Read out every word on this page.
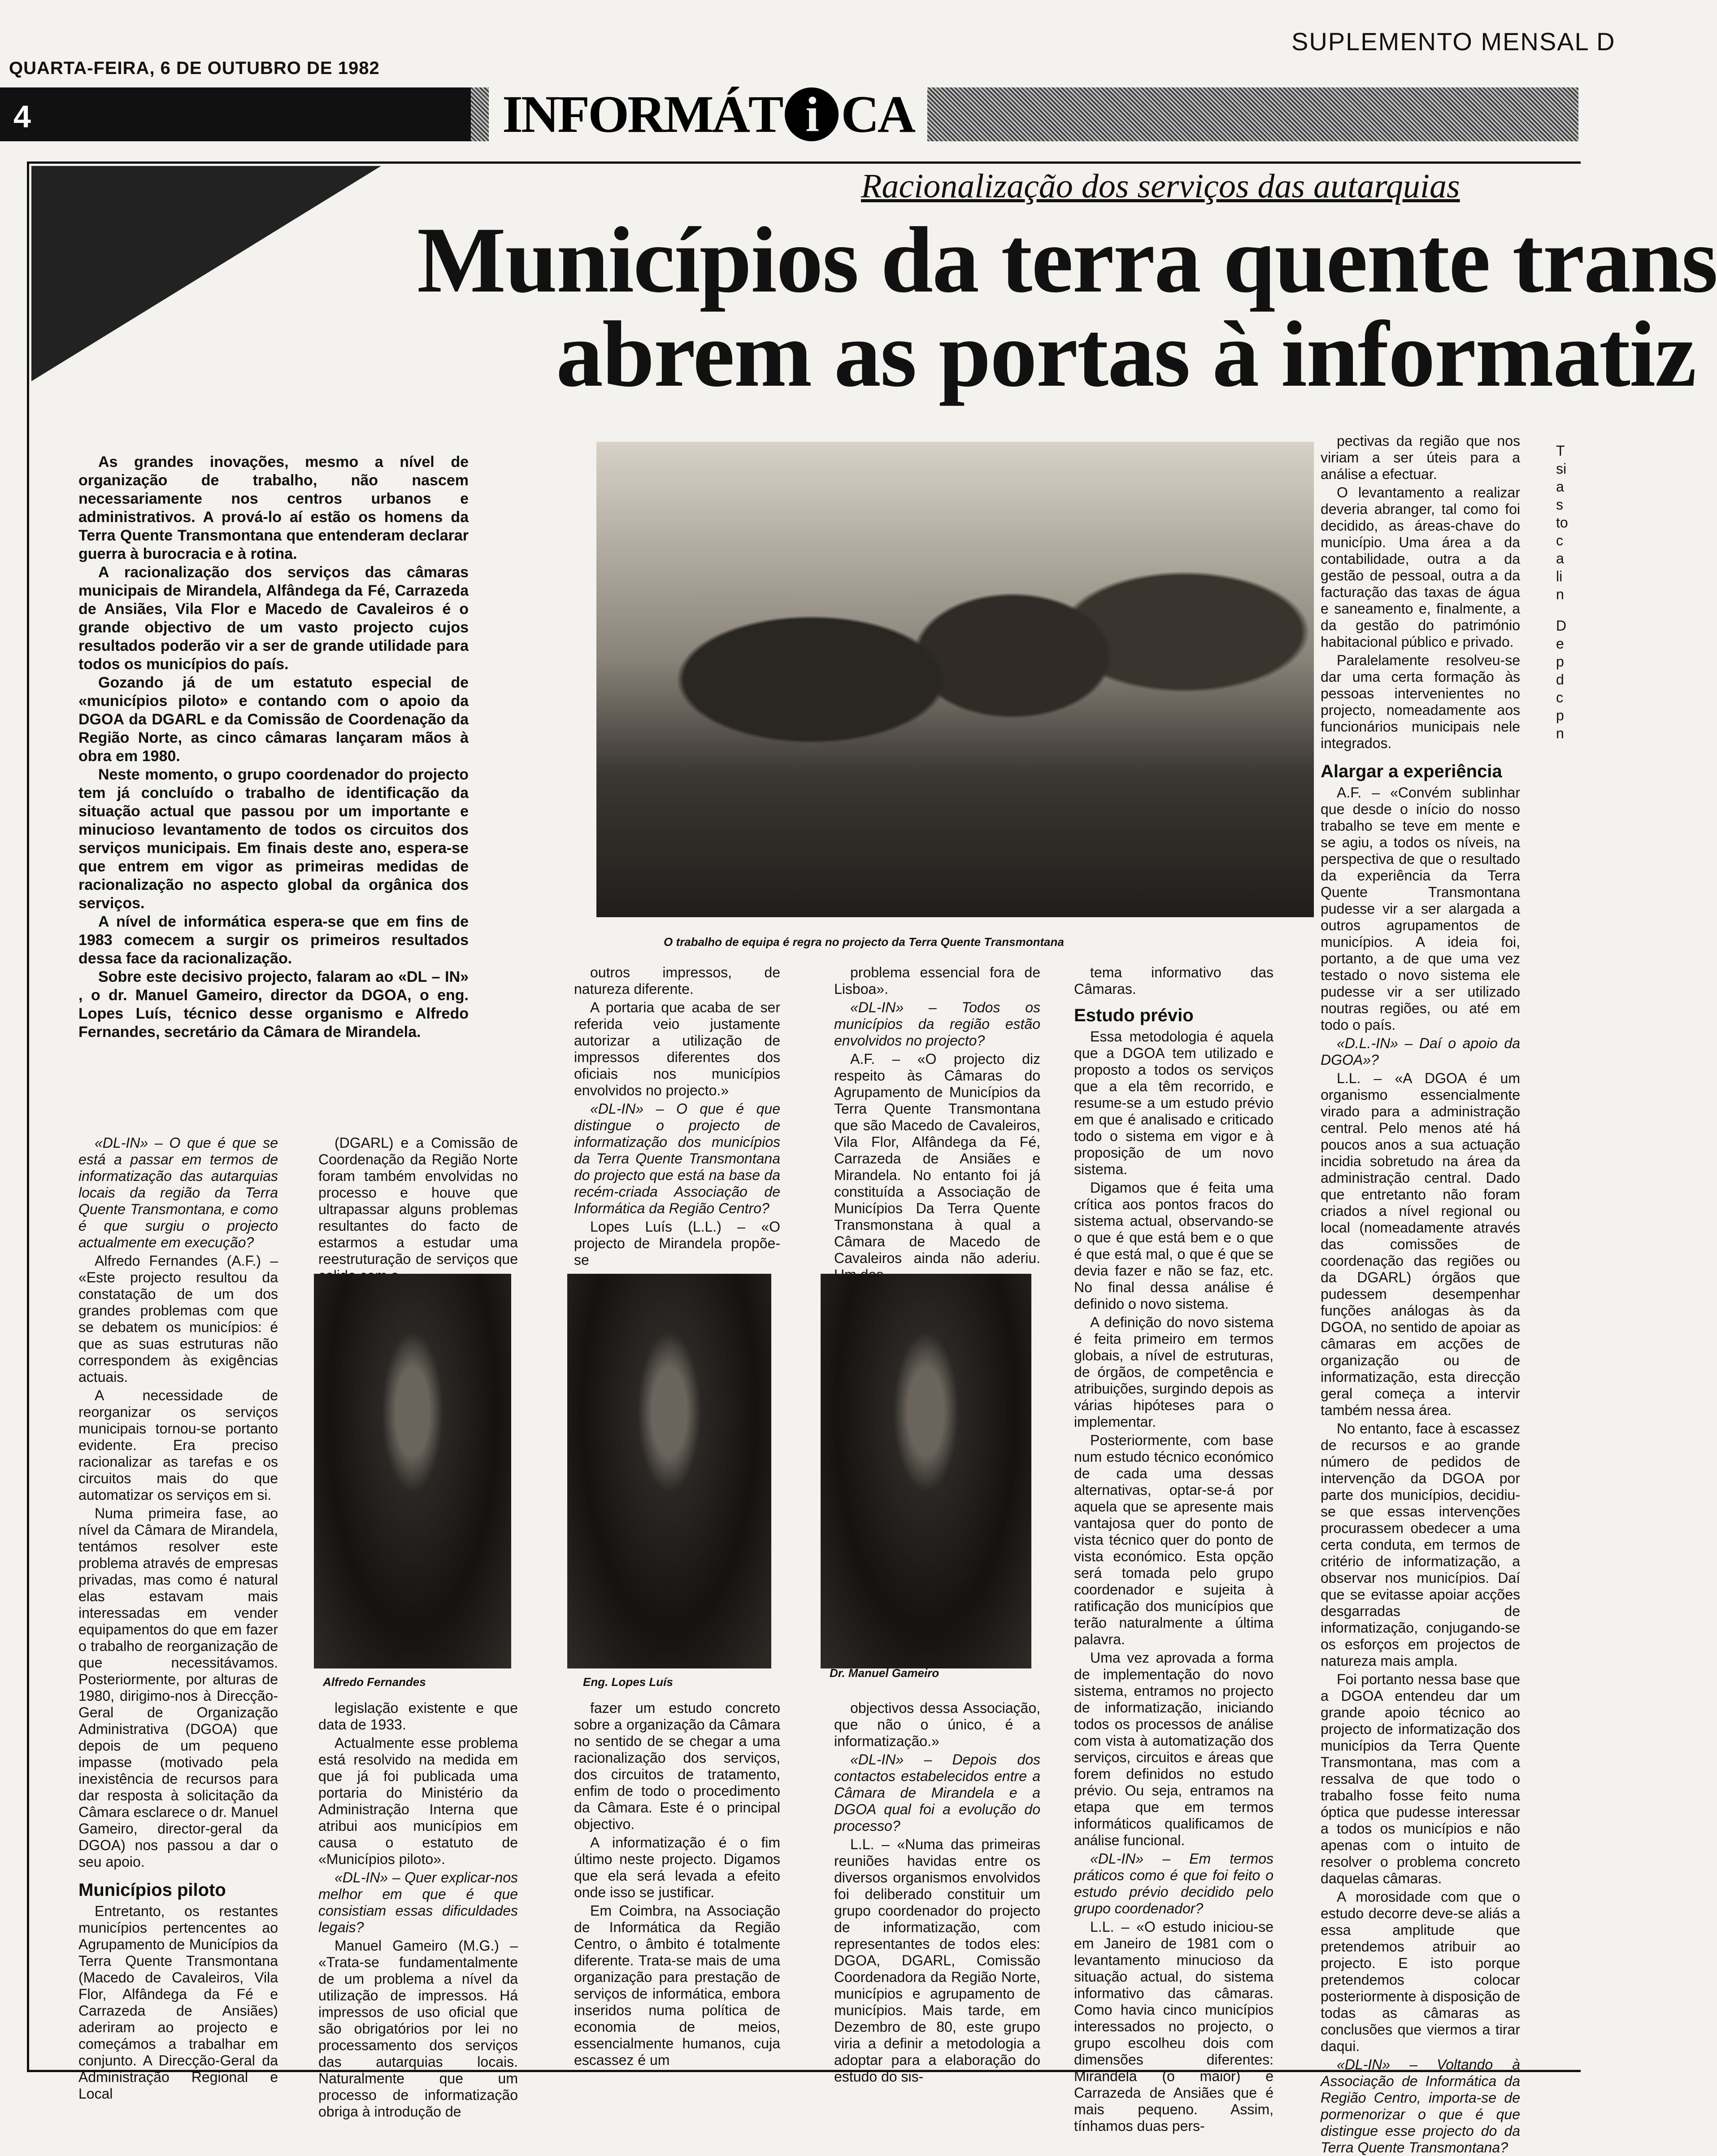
SUPLEMENTO MENSAL D
QUARTA-FEIRA, 6 DE OUTUBRO DE 1982
4	INFORMÁT i CA
Racionalização dos serviços das autarquias
Municípios da terra quente trans
abrem as portas à informatiz

As grandes inovações, mesmo a nível de organização de trabalho, não nascem necessariamente nos centros urbanos e administrativos. A prová-lo aí estão os homens da Terra Quente Transmontana que entenderam declarar guerra à burocracia e à rotina.

A racionalização dos serviços das câmaras municipais de Mirandela, Alfândega da Fé, Carrazeda de Ansiães, Vila Flor e Macedo de Cavaleiros é o grande objectivo de um vasto projecto cujos resultados poderão vir a ser de grande utilidade para todos os municípios do país.

Gozando já de um estatuto especial de «municípios piloto» e contando com o apoio da DGOA da DGARL e da Comissão de Coordenação da Região Norte, as cinco câmaras lançaram mãos à obra em 1980.

Neste momento, o grupo coordenador do projecto tem já concluído o trabalho de identificação da situação actual que passou por um importante e minucioso levantamento de todos os circuitos dos serviços municipais. Em finais deste ano, espera-se que entrem em vigor as primeiras medidas de racionalização no aspecto global da orgânica dos serviços.

A nível de informática espera-se que em fins de 1983 comecem a surgir os primeiros resultados dessa face da racionalização.

Sobre este decisivo projecto, falaram ao «DL – IN» , o dr. Manuel Gameiro, director da DGOA, o eng. Lopes Luís, técnico desse organismo e Alfredo Fernandes, secretário da Câmara de Mirandela.

O trabalho de equipa é regra no projecto da Terra Quente Transmontana

«DL-IN» – O que é que se está a passar em termos de informatização das autarquias locais da região da Terra Quente Transmontana, e como é que surgiu o projecto actualmente em execução?

Alfredo Fernandes (A.F.) – «Este projecto resultou da constatação de um dos grandes problemas com que se debatem os municípios: é que as suas estruturas não correspondem às exigências actuais.

A necessidade de reorganizar os serviços municipais tornou-se portanto evidente. Era preciso racionalizar as tarefas e os circuitos mais do que automatizar os serviços em si.

Numa primeira fase, ao nível da Câmara de Mirandela, tentámos resolver este problema através de empresas privadas, mas como é natural elas estavam mais interessadas em vender equipamentos do que em fazer o trabalho de reorganização de que necessitávamos. Posteriormente, por alturas de 1980, dirigimo-nos à Direcção-Geral de Organização Administrativa (DGOA) que depois de um pequeno impasse (motivado pela inexistência de recursos para dar resposta à solicitação da Câmara esclarece o dr. Manuel Gameiro, director-geral da DGOA) nos passou a dar o seu apoio.

Municípios piloto

Entretanto, os restantes municípios pertencentes ao Agrupamento de Municípios da Terra Quente Transmontana (Macedo de Cavaleiros, Vila Flor, Alfândega da Fé e Carrazeda de Ansiães) aderiram ao projecto e começámos a trabalhar em conjunto. A Direcção-Geral da Administração Regional e Local

(DGARL) e a Comissão de Coordenação da Região Norte foram também envolvidas no processo e houve que ultrapassar alguns problemas resultantes do facto de estarmos a estudar uma reestruturação de serviços que

Alfredo Fernandes

legislação existente e que data de 1933.

Actualmente esse problema está resolvido na medida em que já foi publicada uma portaria do Ministério da Administração Interna que atribui aos municípios em causa o estatuto de «Municípios piloto».

«DL-IN» – Quer explicar-nos melhor em que é que consistiam essas dificuldades legais?

Manuel Gameiro (M.G.) – «Trata-se fundamentalmente de um problema a nível da utilização de impressos. Há impressos de uso oficial que são obrigatórios por lei no processamento dos serviços das autarquias locais. Naturalmente que um processo de informatização obriga à introdução de

outros impressos, de natureza diferente.

A portaria que acaba de ser referida veio justamente autorizar a utilização de impressos diferentes dos oficiais nos municípios envolvidos no projecto.»

«DL-IN» – O que é que distingue o projecto de informatização dos municípios da Terra Quente Transmontana do projecto que está na base da recém-criada Associação de Informática da Região Centro?

Lopes Luís (L.L.) – «O projecto de Mirandela propõe-se

Eng. Lopes Luís

fazer um estudo concreto sobre a organização da Câmara no sentido de se chegar a uma racionalização dos serviços, dos circuitos de tratamento, enfim de todo o procedimento da Câmara. Este é o principal objectivo.

A informatização é o fim último neste projecto. Digamos que ela será levada a efeito onde isso se justificar.

Em Coimbra, na Associação de Informática da Região Centro, o âmbito é totalmente diferente. Trata-se mais de uma organização para prestação de serviços de informática, embora inseridos numa política de economia de meios, essencialmente humanos, cuja escassez é um

problema essencial fora de Lisboa».

«DL-IN» – Todos os municípios da região estão envolvidos no projecto?

A.F. – «O projecto diz respeito às Câmaras do Agrupamento de Municípios da Terra Quente Transmontana que são Macedo de Cavaleiros, Vila Flor, Alfândega da Fé, Carrazeda de Ansiães e Mirandela. No entanto foi já constituída a Associação de Municípios Da Terra Quente Transmonstana à qual a Câmara de Macedo de Cavaleiros ainda não aderiu.

Dr. Manuel Gameiro

objectivos dessa Associação, que não o único, é a informatização.»

«DL-IN» – Depois dos contactos estabelecidos entre a Câmara de Mirandela e a DGOA qual foi a evolução do processo?

L.L. – «Numa das primeiras reuniões havidas entre os diversos organismos envolvidos foi deliberado constituir um grupo coordenador do projecto de informatização, com representantes de todos eles: DGOA, DGARL, Comissão Coordenadora da Região Norte, municípios e agrupamento de municípios. Mais tarde, em Dezembro de 80, este grupo viria a definir a metodologia a adoptar para a elaboração do estudo do sis-

tema informativo das Câmaras.

Estudo prévio

Essa metodologia é aquela que a DGOA tem utilizado e proposto a todos os serviços que a ela têm recorrido, e resume-se a um estudo prévio em que é analisado e criticado todo o sistema em vigor e à proposição de um novo sistema.

Digamos que é feita uma crítica aos pontos fracos do sistema actual, observando-se o que é que está bem e o que é que está mal, o que é que se devia fazer e não se faz, etc. No final dessa análise é definido o novo sistema.

A definição do novo sistema é feita primeiro em termos globais, a nível de estruturas, de órgãos, de competência e atribuições, surgindo depois as várias hipóteses para o implementar.

Posteriormente, com base num estudo técnico económico de cada uma dessas alternativas, optar-se-á por aquela que se apresente mais vantajosa quer do ponto de vista técnico quer do ponto de vista económico. Esta opção será tomada pelo grupo coordenador e sujeita à ratificação dos municípios que terão naturalmente a última palavra.

Uma vez aprovada a forma de implementação do novo sistema, entramos no projecto de informatização, iniciando todos os processos de análise com vista à automatização dos serviços, circuitos e áreas que forem definidos no estudo prévio. Ou seja, entramos na etapa que em termos informáticos qualificamos de análise funcional.

«DL-IN» – Em termos práticos como é que foi feito o estudo prévio decidido pelo grupo coordenador?

L.L. – «O estudo iniciou-se em Janeiro de 1981 com o levantamento minucioso da situação actual, do sistema informativo das câmaras. Como havia cinco municípios interessados no projecto, o grupo escolheu dois com dimensões diferentes: Mirandela (o maior) e Carrazeda de Ansiães que é mais pequeno. Assim, tínhamos duas pers-

pectivas da região que nos viriam a ser úteis para a análise a efectuar.

O levantamento a realizar deveria abranger, tal como foi decidido, as áreas-chave do município. Uma área a da contabilidade, outra a da gestão de pessoal, outra a da facturação das taxas de água e saneamento e, finalmente, a da gestão do património habitacional público e privado.

Paralelamente resolveu-se dar uma certa formação às pessoas intervenientes no projecto, nomeadamente aos funcionários municipais nele integrados.

Alargar a experiência

A.F. – «Convém sublinhar que desde o início do nosso trabalho se teve em mente e se agiu, a todos os níveis, na perspectiva de que o resultado da experiência da Terra Quente Transmontana pudesse vir a ser alargada a outros agrupamentos de municípios. A ideia foi, portanto, a de que uma vez testado o novo sistema ele pudesse vir a ser utilizado noutras regiões, ou até em todo o país.

«D.L.-IN» – Daí o apoio da DGOA»?

L.L. – «A DGOA é um organismo essencialmente virado para a administração central. Pelo menos até há poucos anos a sua actuação incidia sobretudo na área da administração central. Dado que entretanto não foram criados a nível regional ou local (nomeadamente através das comissões de coordenação das regiões ou da DGARL) órgãos que pudessem desempenhar funções análogas às da DGOA, no sentido de apoiar as câmaras em acções de organização ou de informatização, esta direcção geral começa a intervir também nessa área.

No entanto, face à escassez de recursos e ao grande número de pedidos de intervenção da DGOA por parte dos municípios, decidiu-se que essas intervenções procurassem obedecer a uma certa conduta, em termos de critério de informatização, a observar nos municípios. Daí que se evitasse apoiar acções desgarradas de informatização, conjugando-se os esforços em projectos de natureza mais ampla.

Foi portanto nessa base que a DGOA entendeu dar um grande apoio técnico ao projecto de informatização dos municípios da Terra Quente Transmontana, mas com a ressalva de que todo o trabalho fosse feito numa óptica que pudesse interessar a todos os municípios e não apenas com o intuito de resolver o problema concreto daquelas câmaras.

A morosidade com que o estudo decorre deve-se aliás a essa amplitude que pretendemos atribuir ao projecto. E isto porque pretendemos colocar posteriormente à disposição de todas as câmaras as conclusões que viermos a tirar daqui.

«DL-IN» – Voltando à Associação de Informática da Região Centro, importa-se de pormenorizar o que é que distingue esse projecto do da Terra Quente Transmontana?

T
si
a
s
to
c
a
li
n
D
e
p
d
c
p
n
